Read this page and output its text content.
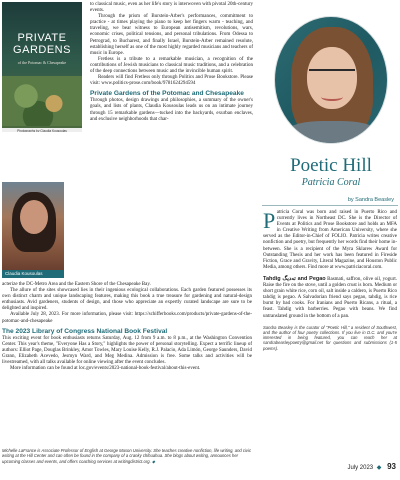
PRIVATE GARDENS
of the Potomac & Chesapeake
Photographs by Claudia Kousoulas

to classical music, even as her life's story is interwoven with pivotal 20th-century events.

Through the prism of Burstein-Arber's performances, commitment to practice - at times playing the piano to keep her fingers warm - teaching, and traveling, we bear witness to European antisemitism, revolutions, wars, economic crises, political tensions, and personal tribulations. From Odessa to Petrograd, to Bucharest, and finally Israel, Burstein-Arber remained resolute, establishing herself as one of the most highly regarded musicians and teachers of music in Europe.

Fretless is a tribute to a remarkable musician, a recognition of the contributions of Jewish musicians to classical music traditions, and a celebration of the deep connections between music and the invincible human spirit.

Readers will find Fretless only through Politics and Prose Bookstore. Please visit: www.politics-prose.com/book/9781624294594

Private Gardens of the Potomac and Chesapeake

Through photos, design drawings and philosophies, a summary of the owner's goals, and lists of plants, Claudia Kousoulas leads us on an intimate journey through 15 remarkable gardens—tucked into the backyards, exurban enclaves, and exclusive neighborhoods that char-

Claudia Kousoulas

acterize the DC-Metro Area and the Eastern Shore of the Chesapeake Bay.

The allure of the sites showcased lies in their ingenious ecological collaborations. Each garden featured possesses its own distinct charm and unique landscaping features, making this book a true treasure for gardening and natural-design enthusiasts. Avid gardeners, students of design, and those who appreciate an expertly curated landscape are sure to be delighted and inspired.

Available July 28, 2023. For more information, please visit: https://schifferbooks.com/products/private-gardens-of-the-potomac-and-chesapeake

The 2023 Library of Congress National Book Festival

This exciting event for book enthusiasts returns Saturday, Aug. 12 from 9 a.m. to 8 p.m., at the Washington Convention Center. This year's theme, "Everyone Has a Story," highlights the power of personal storytelling. Expect a terrific lineup of authors: Elliot Page, Douglas Brinkley, Amor Towles, Mary Louise Kelly, R.J. Palacio, Ada Limón, George Saunders, David Grann, Elizabeth Acevedo, Jesmyn Ward, and Meg Medina. Admission is free. Some talks and activities will be livestreamed, with all talks available for online viewing after the event concludes.

More information can be found at loc.gov/events/2023-national-book-festival/about-this-event.

Michelle LaFrance is Associate Professor of English at George Mason University. She teaches creative nonfiction, life writing, and civic writing at the Hill Center and can often be found in the company of a cranky chihuahua. She blogs about writing, announces her upcoming classes and events, and offers coaching services at writingdistrict.org. ◆
Poetic Hill
Patricia Coral
by Sandra Beasley

Patricia Coral was born and raised in Puerto Rico and currently lives in Northeast DC. She is the Director of Events at Politics and Prose Bookstore and holds an MFA in Creative Writing from American University, where she served as the Editor-in-Chief of FOLIO. Patricia writes creative nonfiction and poetry, but frequently her words find their home in-between. She is a recipient of the Myra Sklarew Award for Outstanding Thesis and her work has been featured in Fireside Fiction, Grace and Gravity, Literal Magazine, and Houston Public Media, among others. Find more at www.patriciacoral.com.

Tahdig ته‌دیگ and Pegao Basmati, saffron, olive oil, yogurt. Raise the fire on the stove, until a golden crust is born. Medium or short grain white rice, corn oil, salt inside a caldero, is Puerto Rico tahdig is pegao. A Salvadorian friend says pegao, tahdig, is rice burnt by bad cooks. For Iranians and Puerto Ricans, a ritual, a feast. Tahdig with barberries. Pegao with beans. We find untranslated ground in the bottom of a pan.

Sandra Beasley is the curator of "Poetic Hill," a resident of Southwest, and the author of four poetry collections. If you live in D.C. and you're interested in being featured, you can reach her at sandrabeasleypoetry@gmail.net for questions and submissions (1-5 poems).

July 2023 ◆ 93
